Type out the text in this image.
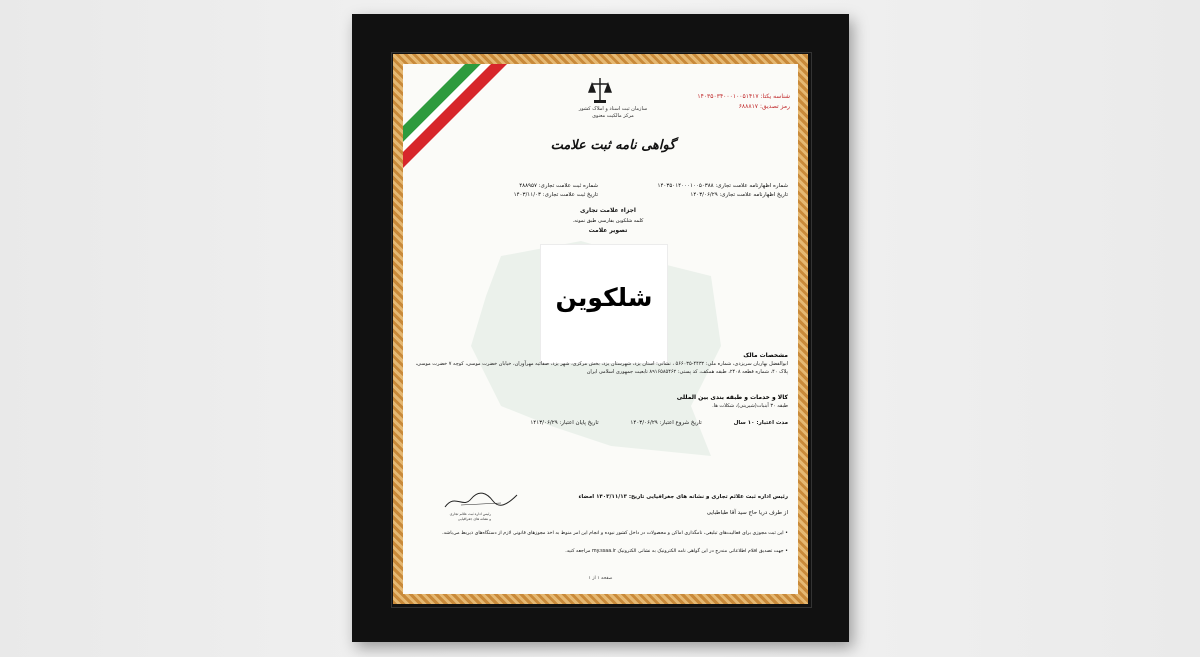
سازمان ثبت اسناد و املاک کشور
مرکز مالکیت معنوی
گواهی نامه ثبت علامت
شناسه یکتا: ۱۴۰۳۵۰۳۴۰۰۰۱۰۰۵۱۴۱۷
رمز تصدیق: ۶۸۸۸۱۷
شماره اظهارنامه علامت تجاری: ۱۴۰۳۵۰۱۴۰۰۰۱۰۰۵۰۳۸۸
تاریخ اظهارنامه علامت تجاری: ۱۴۰۳/۰۶/۲۹
شماره ثبت علامت تجاری: ۴۸۸۹۵۷
تاریخ ثبت علامت تجاری: ۱۴۰۳/۱۱/۰۳
اجزاء علامت تجاری
کلمه شلکوین بفارسی طبق نمونه.
تصویر علامت
شلکوین
مشخصات مالک
ابوالفضل بهاریان سریزدی، شماره ملی: ۴۴۳۲-۵۶۶۰۳۵ ، نشانی: استان یزد، شهرستان یزد، بخش مرکزی، شهر یزد، صفائیه مهرآوران، خیابان خضرت موسی، کوچه ۷ خضرت موسی، پلاک ۴۰، شماره قطعه ۲۴۰۸، طبقه همکف، کد پستی: ۸۹۱۶۵۸۵۴۶۲ تابعیت جمهوری اسلامی ایران
کالا و خدمات و طبقه بندی بین المللی
طبقه ۳۰ آبنبات(شیرینی)، شکلات ها.
مدت اعتبار: ۱۰ سال تاریخ شروع اعتبار: ۱۴۰۳/۰۶/۲۹ تاریخ پایان اعتبار: ۱۴۱۳/۰۶/۲۹
رئیس اداره ثبت علائم تجاری
و نشانه های جغرافیایی
رئیس اداره ثبت علائم تجاری و نشانه های جغرافیایی تاریخ: ۱۴۰۳/۱۱/۱۳ امضاء
از طرف دریا حاج سید آقا طباطبایی
• این ثبت مجوزی برای فعالیت‌های تبلیغی، نامگذاری اماکن و محصولات در داخل کشور نبوده و انجام این امر منوط به اخذ مجوزهای قانونی لازم از دستگاه‌های ذیربط می‌باشد.
• جهت تصدیق اقلام اطلاعاتی مندرج در این گواهی نامه الکترونیک به نشانی الکترونیک my.ssaa.ir مراجعه کنید.
صفحه ۱ از ۱
